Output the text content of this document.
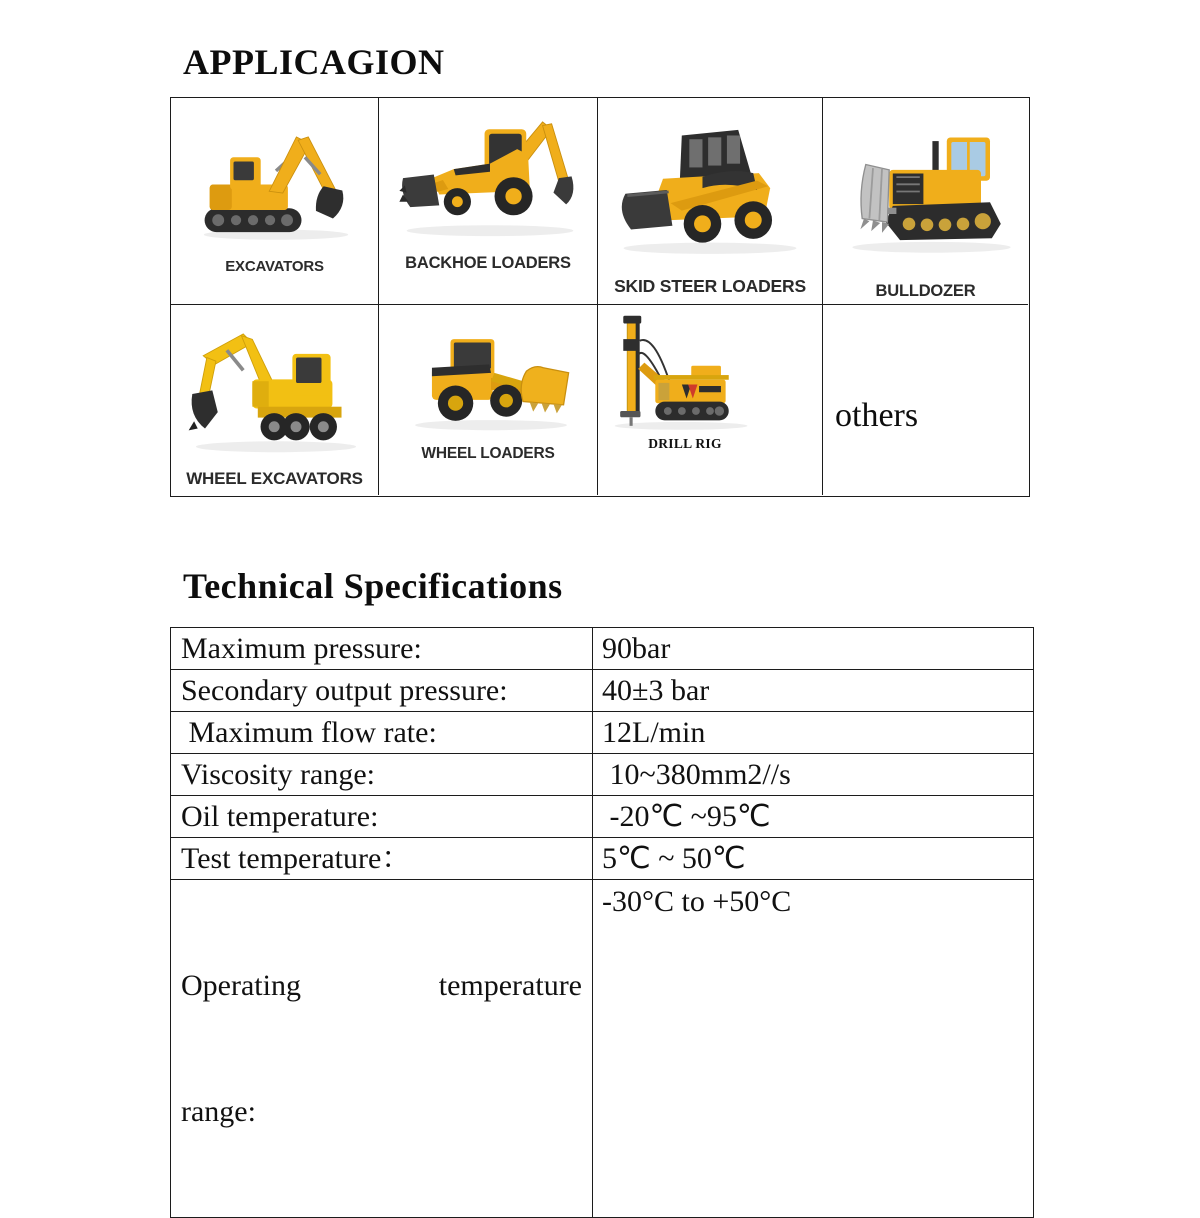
APPLICAGION
EXCAVATORS	BACKHOE LOADERS
SKID STEER LOADERS	BULLDOZER
WHEEL EXCAVATORS
WHEEL LOADERS
DRILL RIG
others
Technical Specifications
Maximum pressure:	90bar
Secondary output pressure:	40±3 bar
Maximum flow rate:	12L/min
Viscosity range:	10~380mm2//s
Oil temperature:	-20℃ ~95℃
Test temperature：	5℃ ~ 50℃

Operating temperature

range:	-30°C to +50°C
